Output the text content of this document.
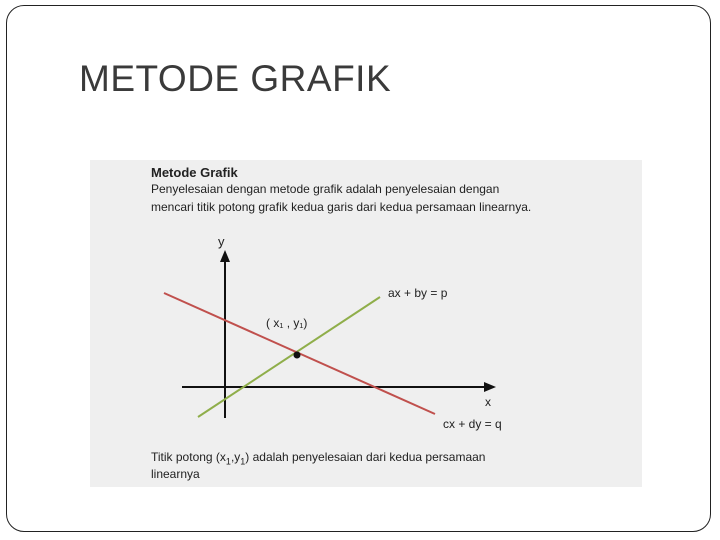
METODE GRAFIK
Metode Grafik
Penyelesaian dengan metode grafik adalah penyelesaian dengan
mencari titik potong grafik kedua garis dari kedua persamaan linearnya.
y
x
ax + by = p
cx + dy = q
( x₁ , y₁)
Titik potong $(x_1,y_1)$ adalah penyelesaian dari kedua persamaan
linearnya
